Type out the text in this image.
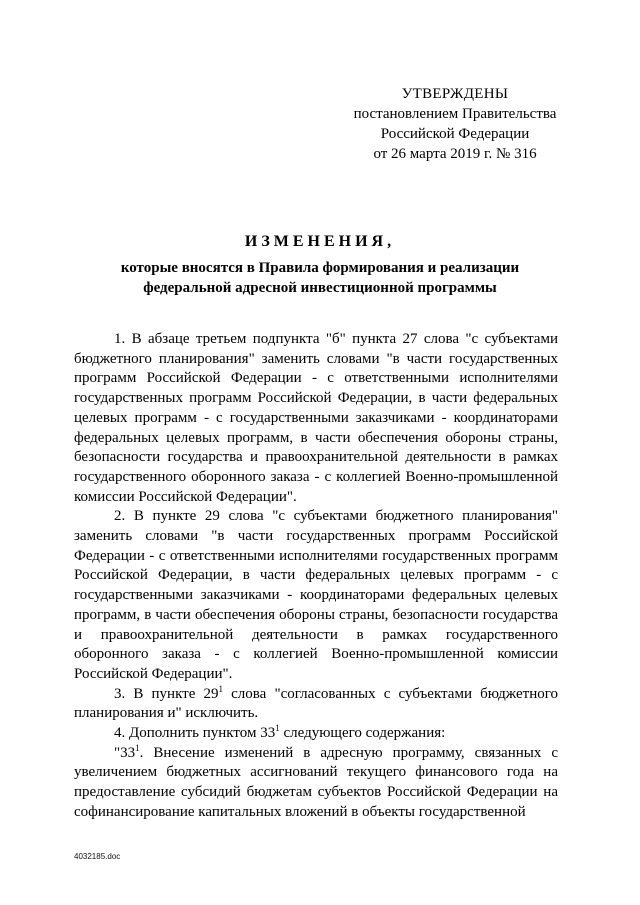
УТВЕРЖДЕНЫ
постановлением Правительства
Российской Федерации
от 26 марта 2019 г. № 316
ИЗМЕНЕНИЯ,
которые вносятся в Правила формирования и реализации
федеральной адресной инвестиционной программы

1. В абзаце третьем подпункта "б" пункта 27 слова "с субъектами бюджетного планирования" заменить словами "в части государственных программ Российской Федерации - с ответственными исполнителями государственных программ Российской Федерации, в части федеральных целевых программ - с государственными заказчиками - координаторами федеральных целевых программ, в части обеспечения обороны страны, безопасности государства и правоохранительной деятельности в рамках государственного оборонного заказа - с коллегией Военно-промышленной комиссии Российской Федерации".

2. В пункте 29 слова "с субъектами бюджетного планирования" заменить словами "в части государственных программ Российской Федерации - с ответственными исполнителями государственных программ Российской Федерации, в части федеральных целевых программ - с государственными заказчиками - координаторами федеральных целевых программ, в части обеспечения обороны страны, безопасности государства и правоохранительной деятельности в рамках государственного оборонного заказа - с коллегией Военно-промышленной комиссии Российской Федерации".

3. В пункте $29^1$ слова "согласованных с субъектами бюджетного планирования и" исключить.

4. Дополнить пунктом $33^1$ следующего содержания:

"$33^1$. Внесение изменений в адресную программу, связанных с увеличением бюджетных ассигнований текущего финансового года на предоставление субсидий бюджетам субъектов Российской Федерации на софинансирование капитальных вложений в объекты государственной

4032185.doc
